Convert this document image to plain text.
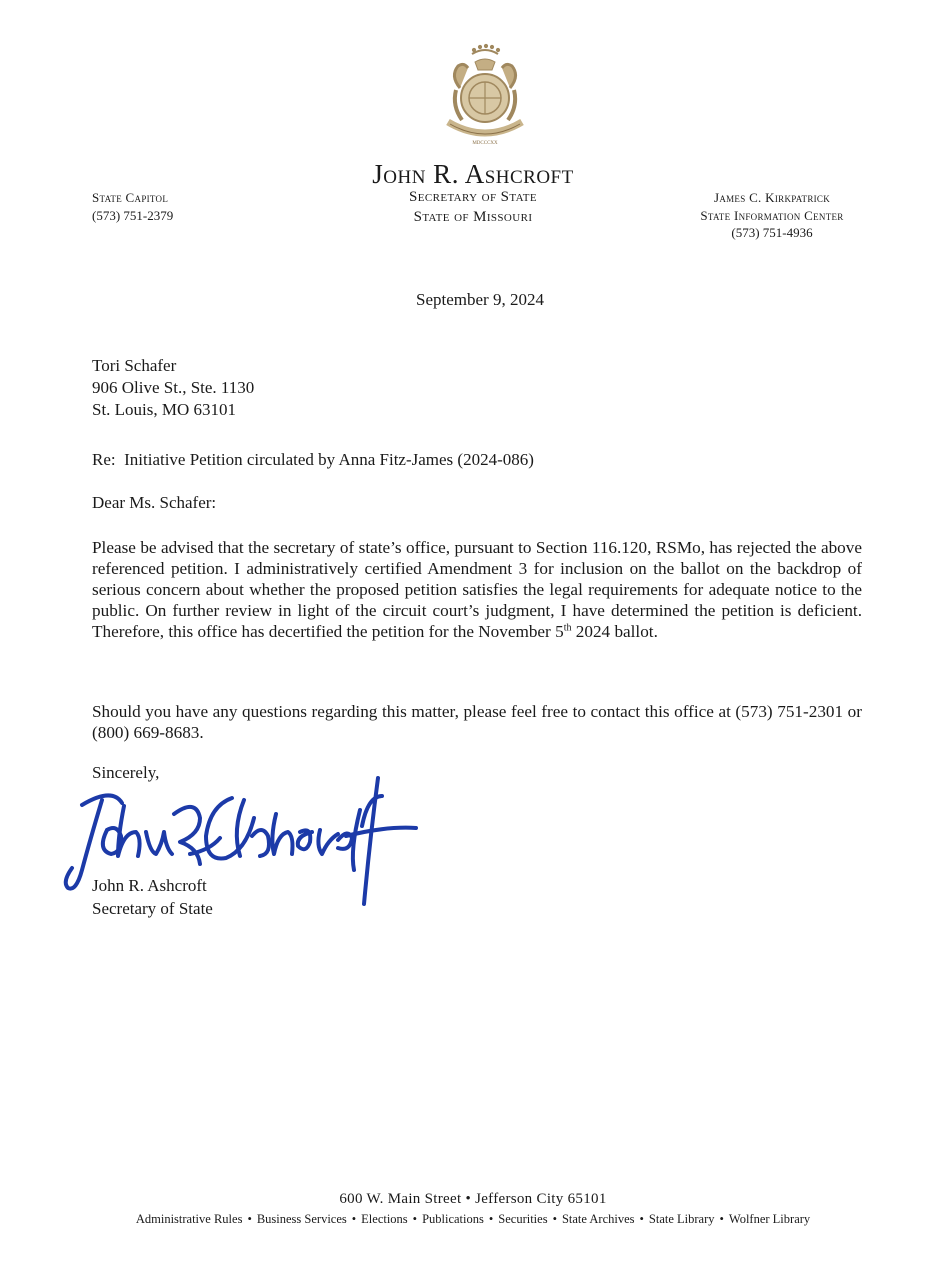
MDCCCXX
State Capitol
(573) 751-2379
John R. Ashcroft
Secretary of State
State of Missouri
James C. Kirkpatrick
State Information Center
(573) 751-4936
September 9, 2024
Tori Schafer
906 Olive St., Ste. 1130
St. Louis, MO 63101
Re:  Initiative Petition circulated by Anna Fitz-James (2024-086)
Dear Ms. Schafer:

Please be advised that the secretary of state’s office, pursuant to Section 116.120, RSMo, has rejected the above referenced petition. I administratively certified Amendment 3 for inclusion on the ballot on the backdrop of serious concern about whether the proposed petition satisfies the legal requirements for adequate notice to the public. On further review in light of the circuit court’s judgment, I have determined the petition is deficient. Therefore, this office has decertified the petition for the November 5th 2024 ballot.

Should you have any questions regarding this matter, please feel free to contact this office at (573) 751-2301 or (800) 669-8683.

Sincerely,
John R. Ashcroft
Secretary of State
600 W. Main Street • Jefferson City 65101
Administrative Rules • Business Services • Elections • Publications • Securities • State Archives • State Library • Wolfner Library
